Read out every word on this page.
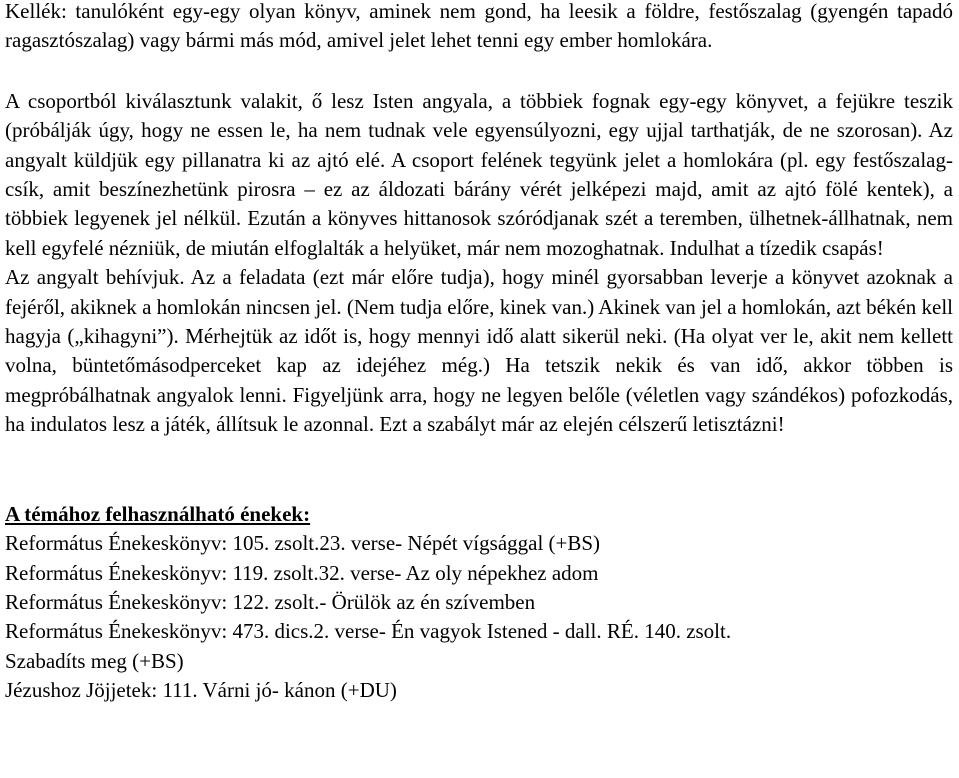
Kellék: tanulóként egy-egy olyan könyv, aminek nem gond, ha leesik a földre, festőszalag (gyengén tapadó ragasztószalag) vagy bármi más mód, amivel jelet lehet tenni egy ember homlokára.

A csoportból kiválasztunk valakit, ő lesz Isten angyala, a többiek fognak egy-egy könyvet, a fejükre teszik (próbálják úgy, hogy ne essen le, ha nem tudnak vele egyensúlyozni, egy ujjal tarthatják, de ne szorosan). Az angyalt küldjük egy pillanatra ki az ajtó elé. A csoport felének tegyünk jelet a homlokára (pl. egy festőszalag-csík, amit beszínezhetünk pirosra – ez az áldozati bárány vérét jelképezi majd, amit az ajtó fölé kentek), a többiek legyenek jel nélkül. Ezután a könyves hittanosok szóródjanak szét a teremben, ülhetnek-állhatnak, nem kell egyfelé nézniük, de miután elfoglalták a helyüket, már nem mozoghatnak. Indulhat a tízedik csapás!

Az angyalt behívjuk. Az a feladata (ezt már előre tudja), hogy minél gyorsabban leverje a könyvet azoknak a fejéről, akiknek a homlokán nincsen jel. (Nem tudja előre, kinek van.) Akinek van jel a homlokán, azt békén kell hagyja („kihagyni”). Mérhejtük az időt is, hogy mennyi idő alatt sikerül neki. (Ha olyat ver le, akit nem kellett volna, büntetőmásodperceket kap az idejéhez még.) Ha tetszik nekik és van idő, akkor többen is megpróbálhatnak angyalok lenni. Figyeljünk arra, hogy ne legyen belőle (véletlen vagy szándékos) pofozkodás, ha indulatos lesz a játék, állítsuk le azonnal. Ezt a szabályt már az elején célszerű letisztázni!

A témához felhasználható énekek:

Református Énekeskönyv: 105. zsolt.23. verse- Népét vígsággal (+BS)
Református Énekeskönyv: 119. zsolt.32. verse- Az oly népekhez adom
Református Énekeskönyv: 122. zsolt.- Örülök az én szívemben
Református Énekeskönyv: 473. dics.2. verse- Én vagyok Istened - dall. RÉ. 140. zsolt.
Szabadíts meg (+BS)
Jézushoz Jöjjetek: 111. Várni jó- kánon (+DU)
